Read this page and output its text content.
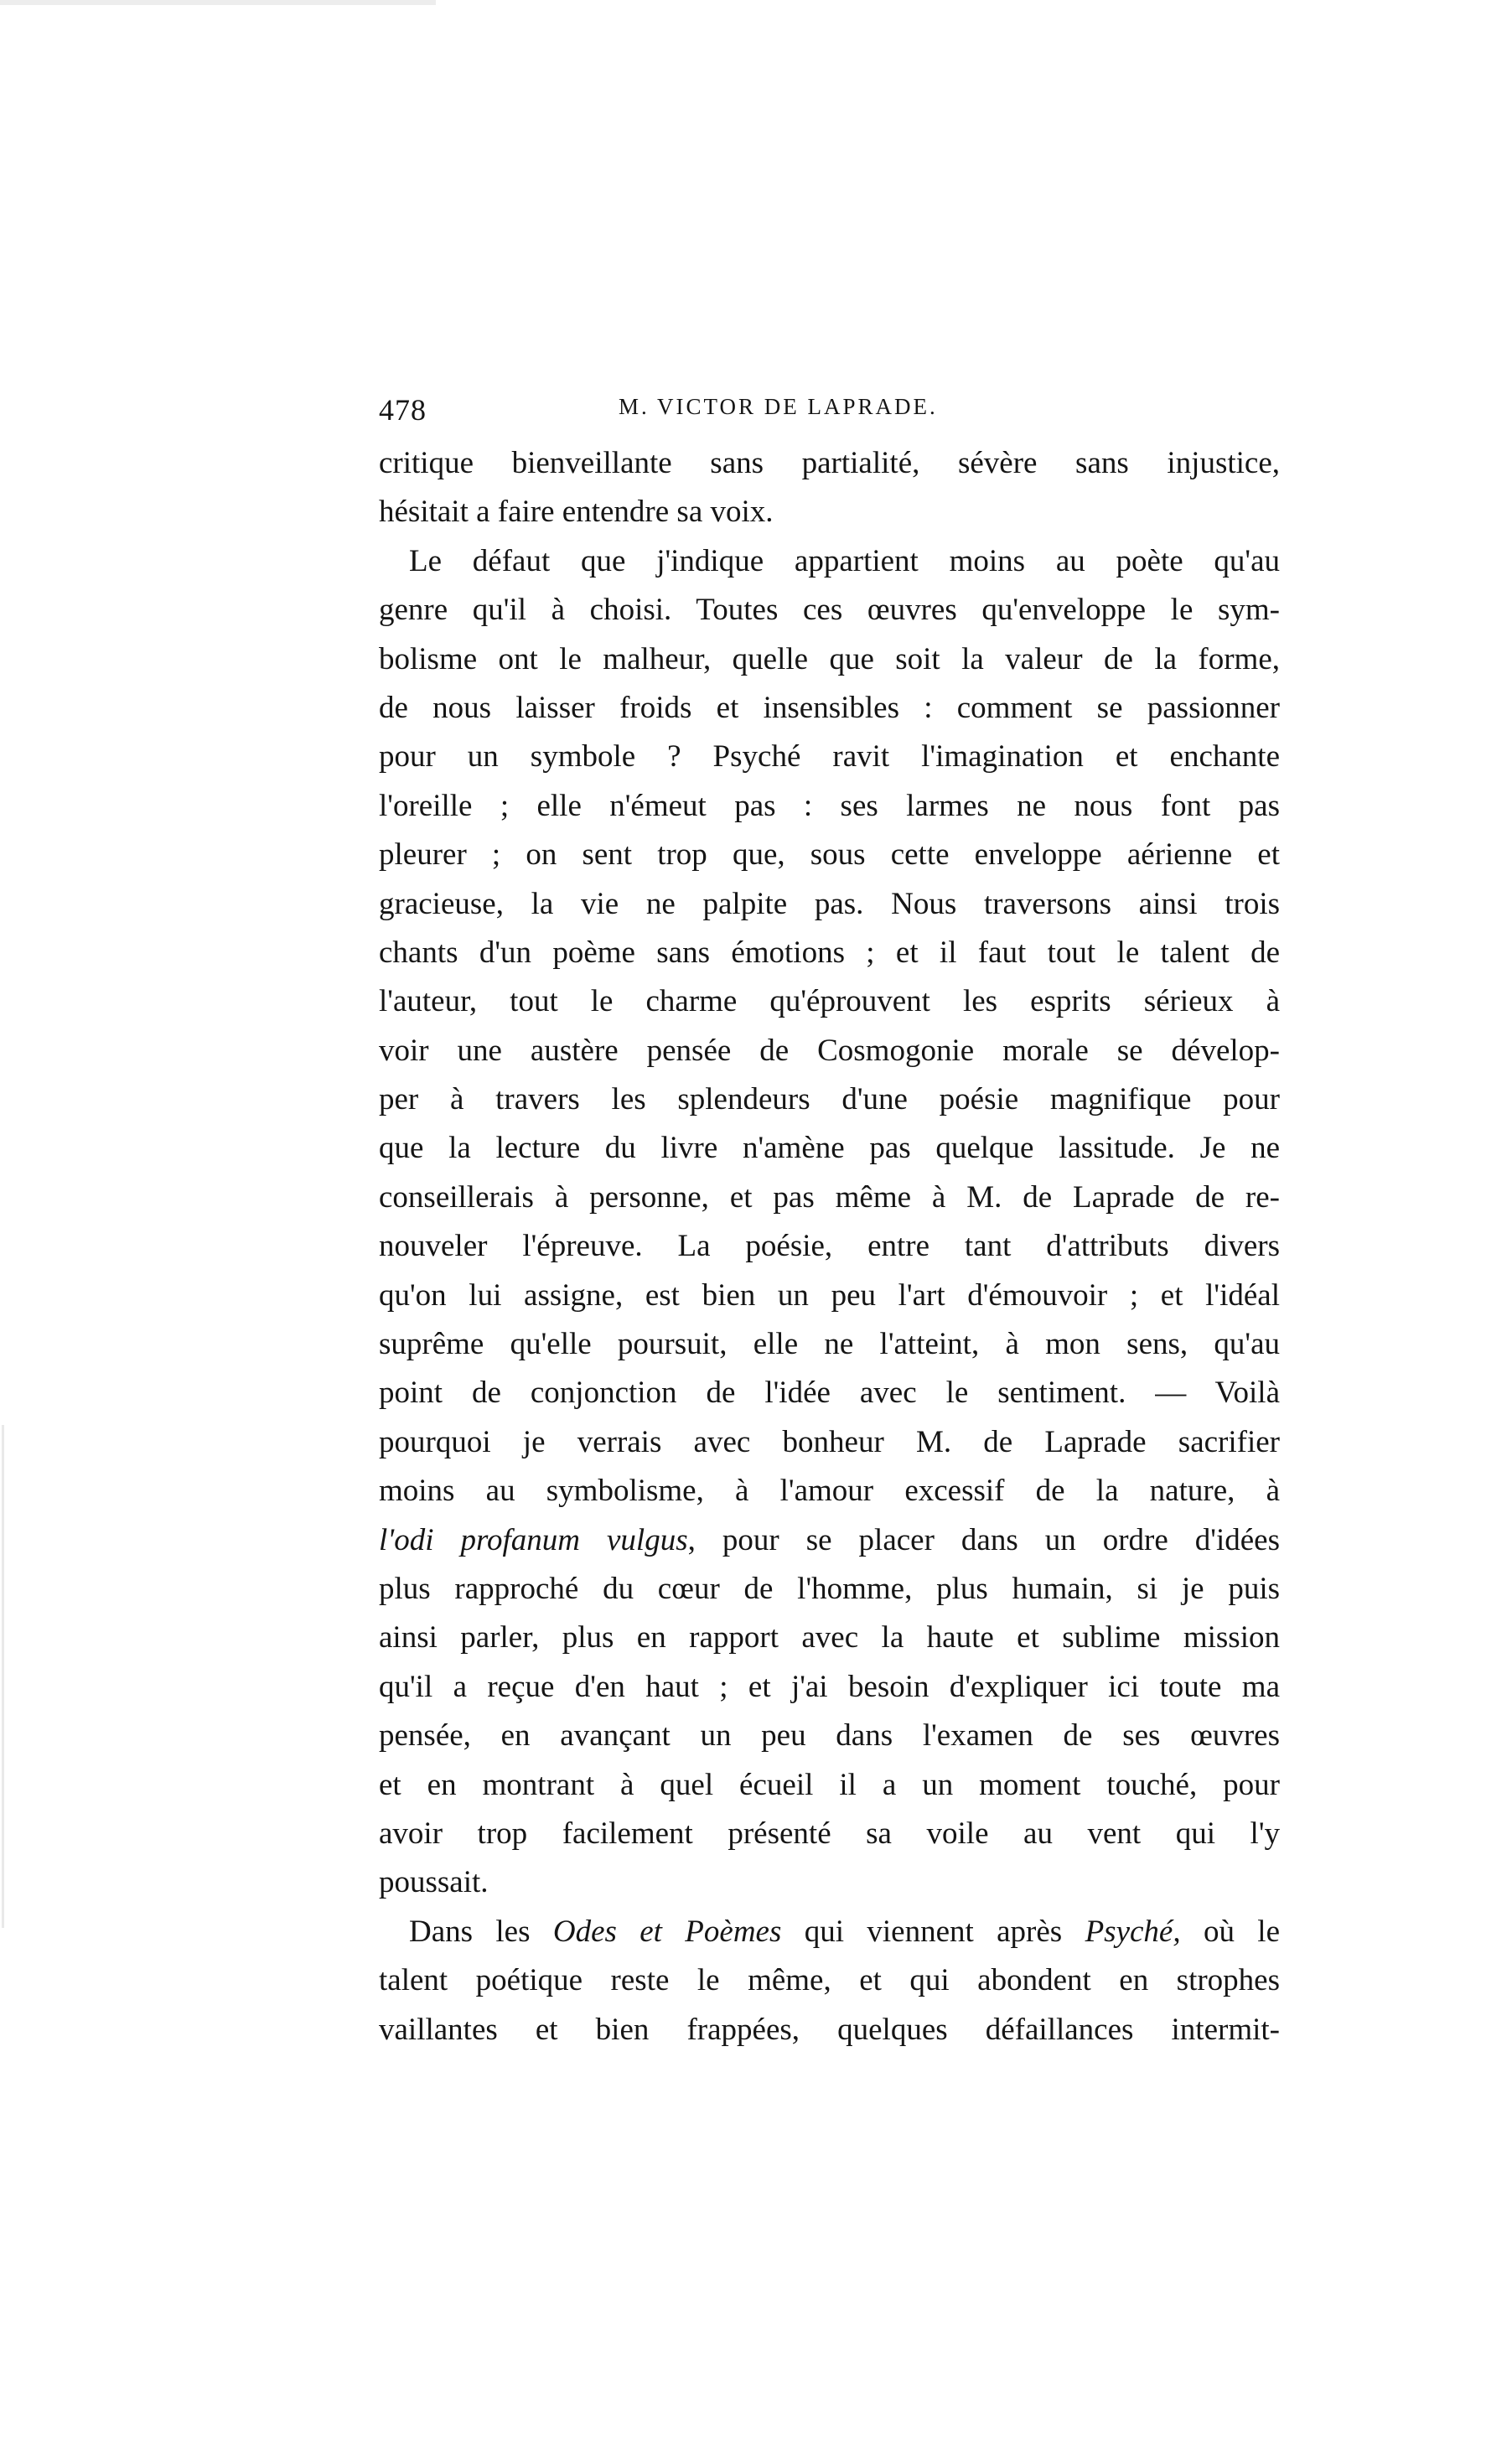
478	M. VICTOR DE LAPRADE.
critique bienveillante sans partialité, sévère sans injustice,
hésitait a faire entendre sa voix.
Le défaut que j'indique appartient moins au poète qu'au
genre qu'il à choisi. Toutes ces œuvres qu'enveloppe le sym-
bolisme ont le malheur, quelle que soit la valeur de la forme,
de nous laisser froids et insensibles : comment se passionner
pour un symbole ? Psyché ravit l'imagination et enchante
l'oreille ; elle n'émeut pas : ses larmes ne nous font pas
pleurer ; on sent trop que, sous cette enveloppe aérienne et
gracieuse, la vie ne palpite pas. Nous traversons ainsi trois
chants d'un poème sans émotions ; et il faut tout le talent de
l'auteur, tout le charme qu'éprouvent les esprits sérieux à
voir une austère pensée de Cosmogonie morale se dévelop-
per à travers les splendeurs d'une poésie magnifique pour
que la lecture du livre n'amène pas quelque lassitude. Je ne
conseillerais à personne, et pas même à M. de Laprade de re-
nouveler l'épreuve. La poésie, entre tant d'attributs divers
qu'on lui assigne, est bien un peu l'art d'émouvoir ; et l'idéal
suprême qu'elle poursuit, elle ne l'atteint, à mon sens, qu'au
point de conjonction de l'idée avec le sentiment. — Voilà
pourquoi je verrais avec bonheur M. de Laprade sacrifier
moins au symbolisme, à l'amour excessif de la nature, à
l'odi profanum vulgus, pour se placer dans un ordre d'idées
plus rapproché du cœur de l'homme, plus humain, si je puis
ainsi parler, plus en rapport avec la haute et sublime mission
qu'il a reçue d'en haut ; et j'ai besoin d'expliquer ici toute ma
pensée, en avançant un peu dans l'examen de ses œuvres
et en montrant à quel écueil il a un moment touché, pour
avoir trop facilement présenté sa voile au vent qui l'y
poussait.
Dans les Odes et Poèmes qui viennent après Psyché, où le
talent poétique reste le même, et qui abondent en strophes
vaillantes et bien frappées, quelques défaillances intermit-
